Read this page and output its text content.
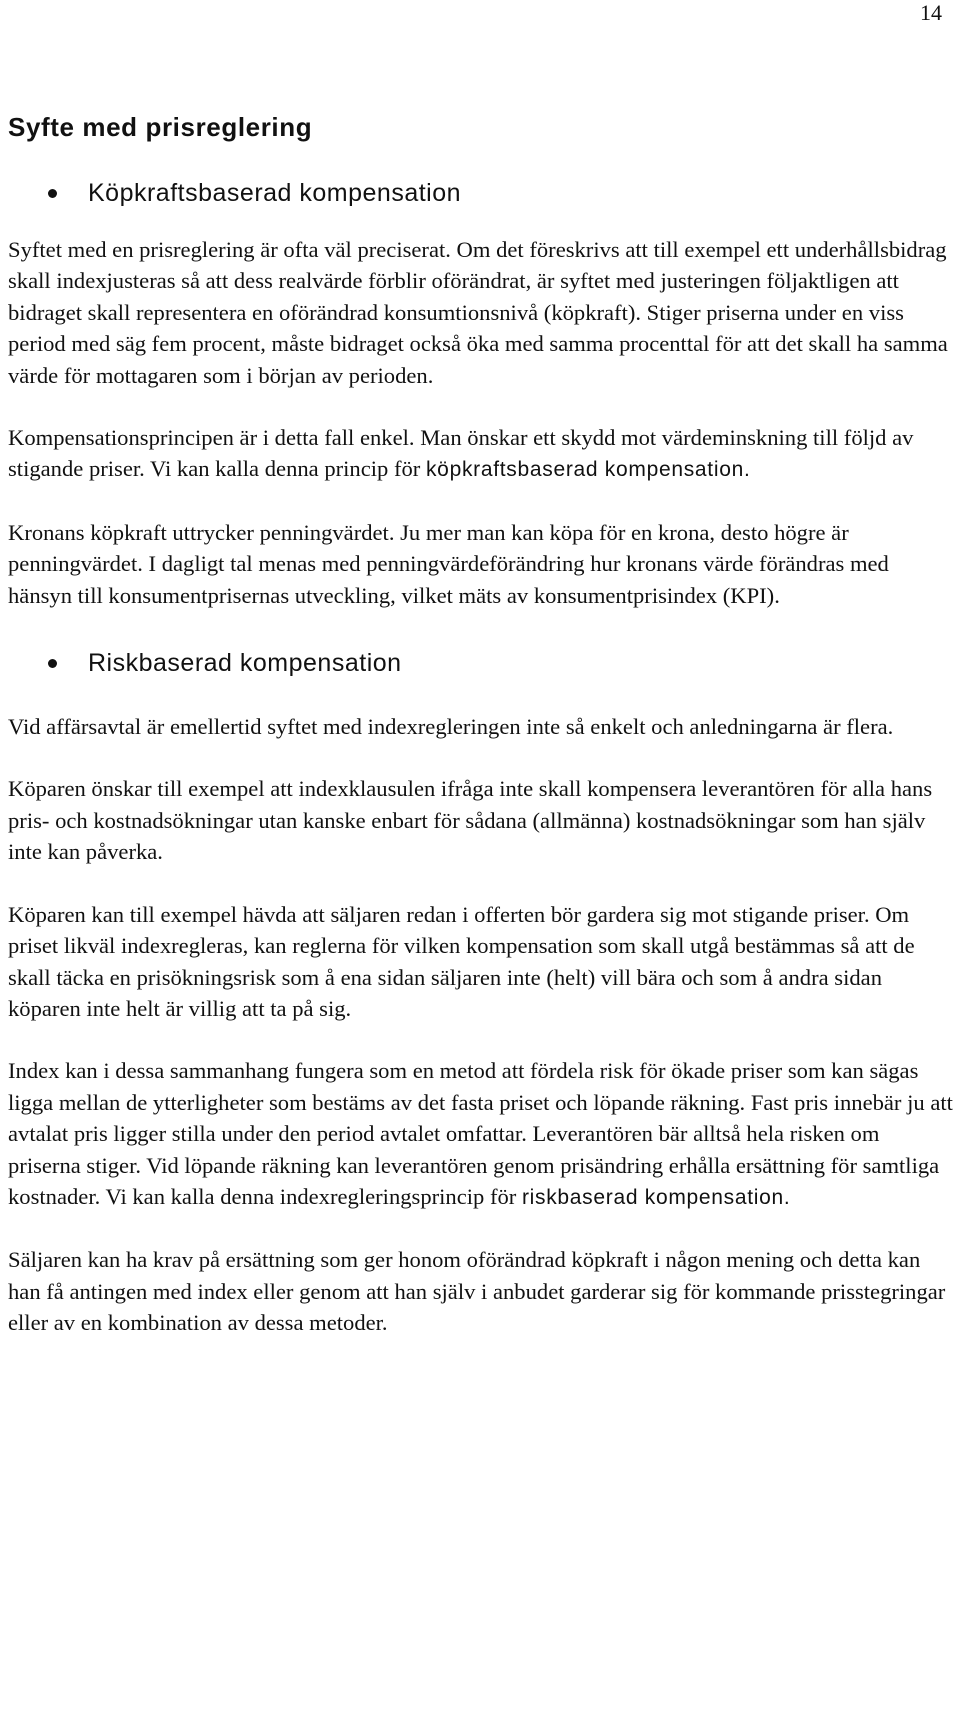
14
Syfte med prisreglering
Köpkraftsbaserad kompensation

Syftet med en prisreglering är ofta väl preciserat. Om det föreskrivs att till exempel ett underhållsbidrag skall indexjusteras så att dess realvärde förblir oförändrat, är syftet med justeringen följaktligen att bidraget skall representera en oförändrad konsumtionsnivå (köpkraft). Stiger priserna under en viss period med säg fem procent, måste bidraget också öka med samma procenttal för att det skall ha samma värde för mottagaren som i början av perioden.

Kompensationsprincipen är i detta fall enkel. Man önskar ett skydd mot värdeminskning till följd av stigande priser. Vi kan kalla denna princip för köpkraftsbaserad kompensation.

Kronans köpkraft uttrycker penningvärdet. Ju mer man kan köpa för en krona, desto högre är penningvärdet. I dagligt tal menas med penningvärdeförändring hur kronans värde förändras med hänsyn till konsumentprisernas utveckling, vilket mäts av konsumentprisindex (KPI).

Riskbaserad kompensation

Vid affärsavtal är emellertid syftet med indexregleringen inte så enkelt och anledningarna är flera.

Köparen önskar till exempel att indexklausulen ifråga inte skall kompensera leverantören för alla hans pris- och kostnadsökningar utan kanske enbart för sådana (allmänna) kostnadsökningar som han själv inte kan påverka.

Köparen kan till exempel hävda att säljaren redan i offerten bör gardera sig mot stigande priser. Om priset likväl indexregleras, kan reglerna för vilken kompensation som skall utgå bestämmas så att de skall täcka en prisökningsrisk som å ena sidan säljaren inte (helt) vill bära och som å andra sidan köparen inte helt är villig att ta på sig.

Index kan i dessa sammanhang fungera som en metod att fördela risk för ökade priser som kan sägas ligga mellan de ytterligheter som bestäms av det fasta priset och löpande räkning. Fast pris innebär ju att avtalat pris ligger stilla under den period avtalet omfattar. Leverantören bär alltså hela risken om priserna stiger. Vid löpande räkning kan leverantören genom prisändring erhålla ersättning för samtliga kostnader. Vi kan kalla denna indexregleringsprincip för riskbaserad kompensation.

Säljaren kan ha krav på ersättning som ger honom oförändrad köpkraft i någon mening och detta kan han få antingen med index eller genom att han själv i anbudet garderar sig för kommande prisstegringar eller av en kombination av dessa metoder.
